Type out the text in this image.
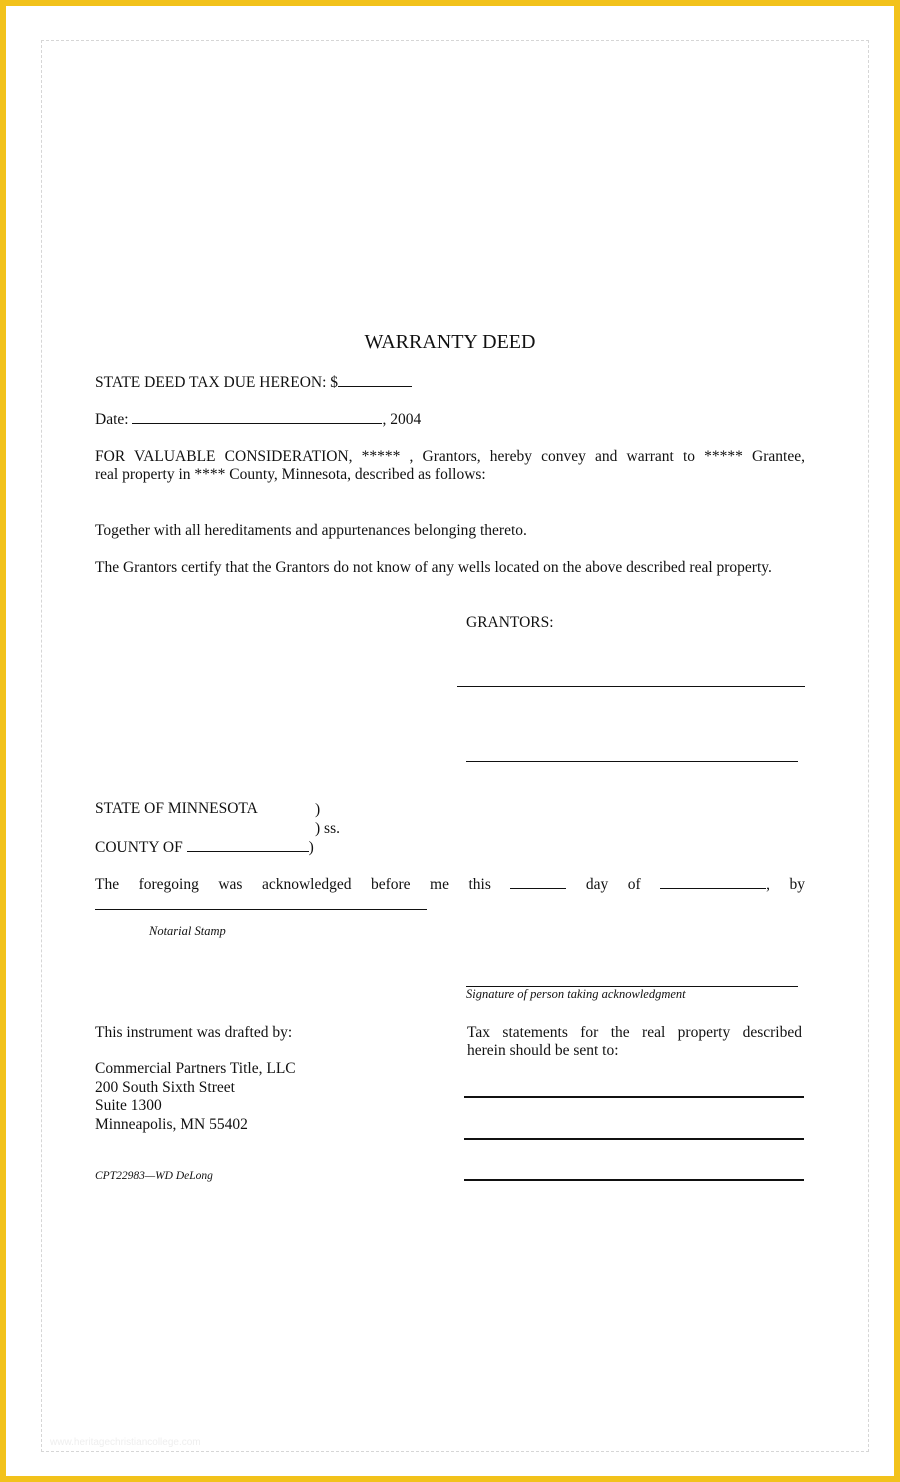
WARRANTY DEED
STATE DEED TAX DUE HEREON: $
Date:	, 2004
FOR VALUABLE CONSIDERATION, ***** , Grantors, hereby convey and warrant to ***** Grantee,
real property in **** County, Minnesota, described as follows:
Together with all hereditaments and appurtenances belonging thereto.
The Grantors certify that the Grantors do not know of any wells located on the above described real property.
GRANTORS:
STATE OF MINNESOTA	)
) ss.
COUNTY OF	)
The foregoing was acknowledged before me this	day of	, by
Notarial Stamp
Signature of person taking acknowledgment
This instrument was drafted by:
Commercial Partners Title, LLC
200 South Sixth Street
Suite 1300
Minneapolis, MN 55402
Tax statements for the real property described
herein should be sent to:
CPT22983—WD DeLong
www.heritagechristiancollege.com
